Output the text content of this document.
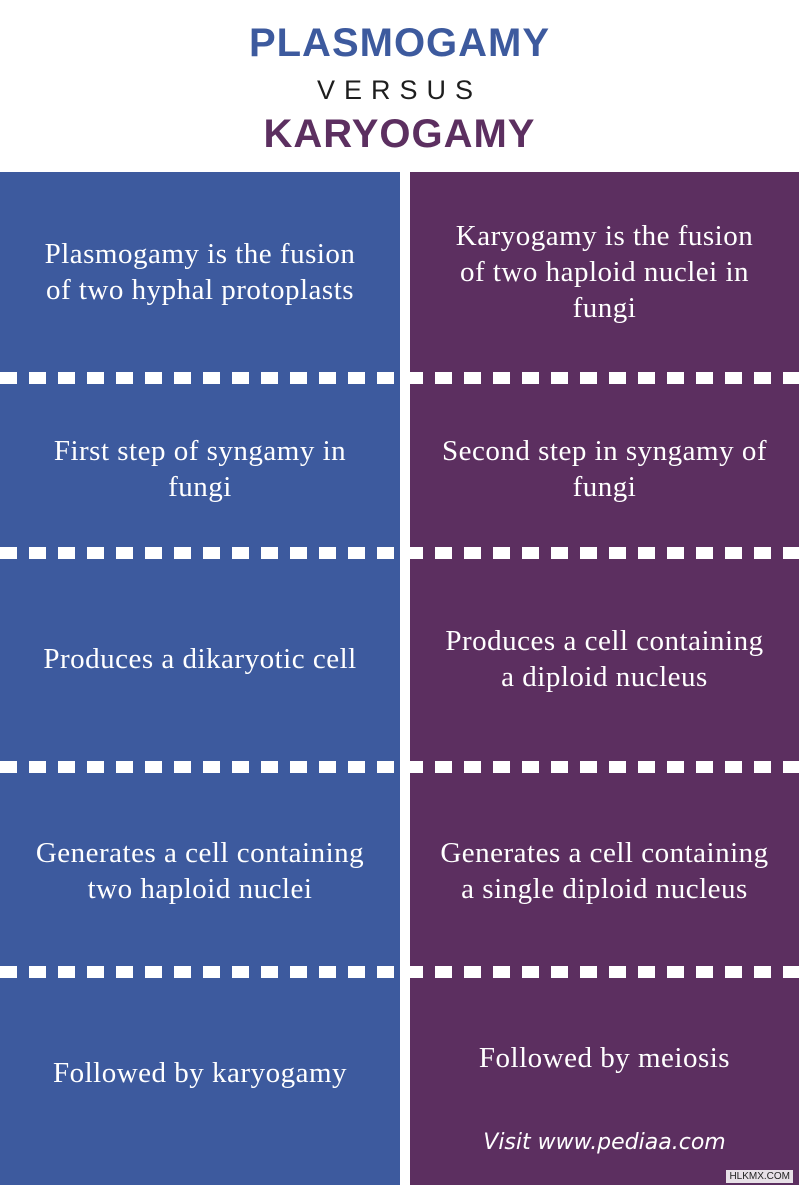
PLASMOGAMY
VERSUS
KARYOGAMY
Plasmogamy is the fusion of two hyphal protoplasts
First step of syngamy in fungi
Produces a dikaryotic cell
Generates a cell containing two haploid nuclei
Followed by karyogamy
Karyogamy is the fusion of two haploid nuclei in fungi
Second step in syngamy of fungi
Produces a cell containing a diploid nucleus
Generates a cell containing a single diploid nucleus
Followed by meiosis
Visit www.pediaa.com
HLKMX.COM
